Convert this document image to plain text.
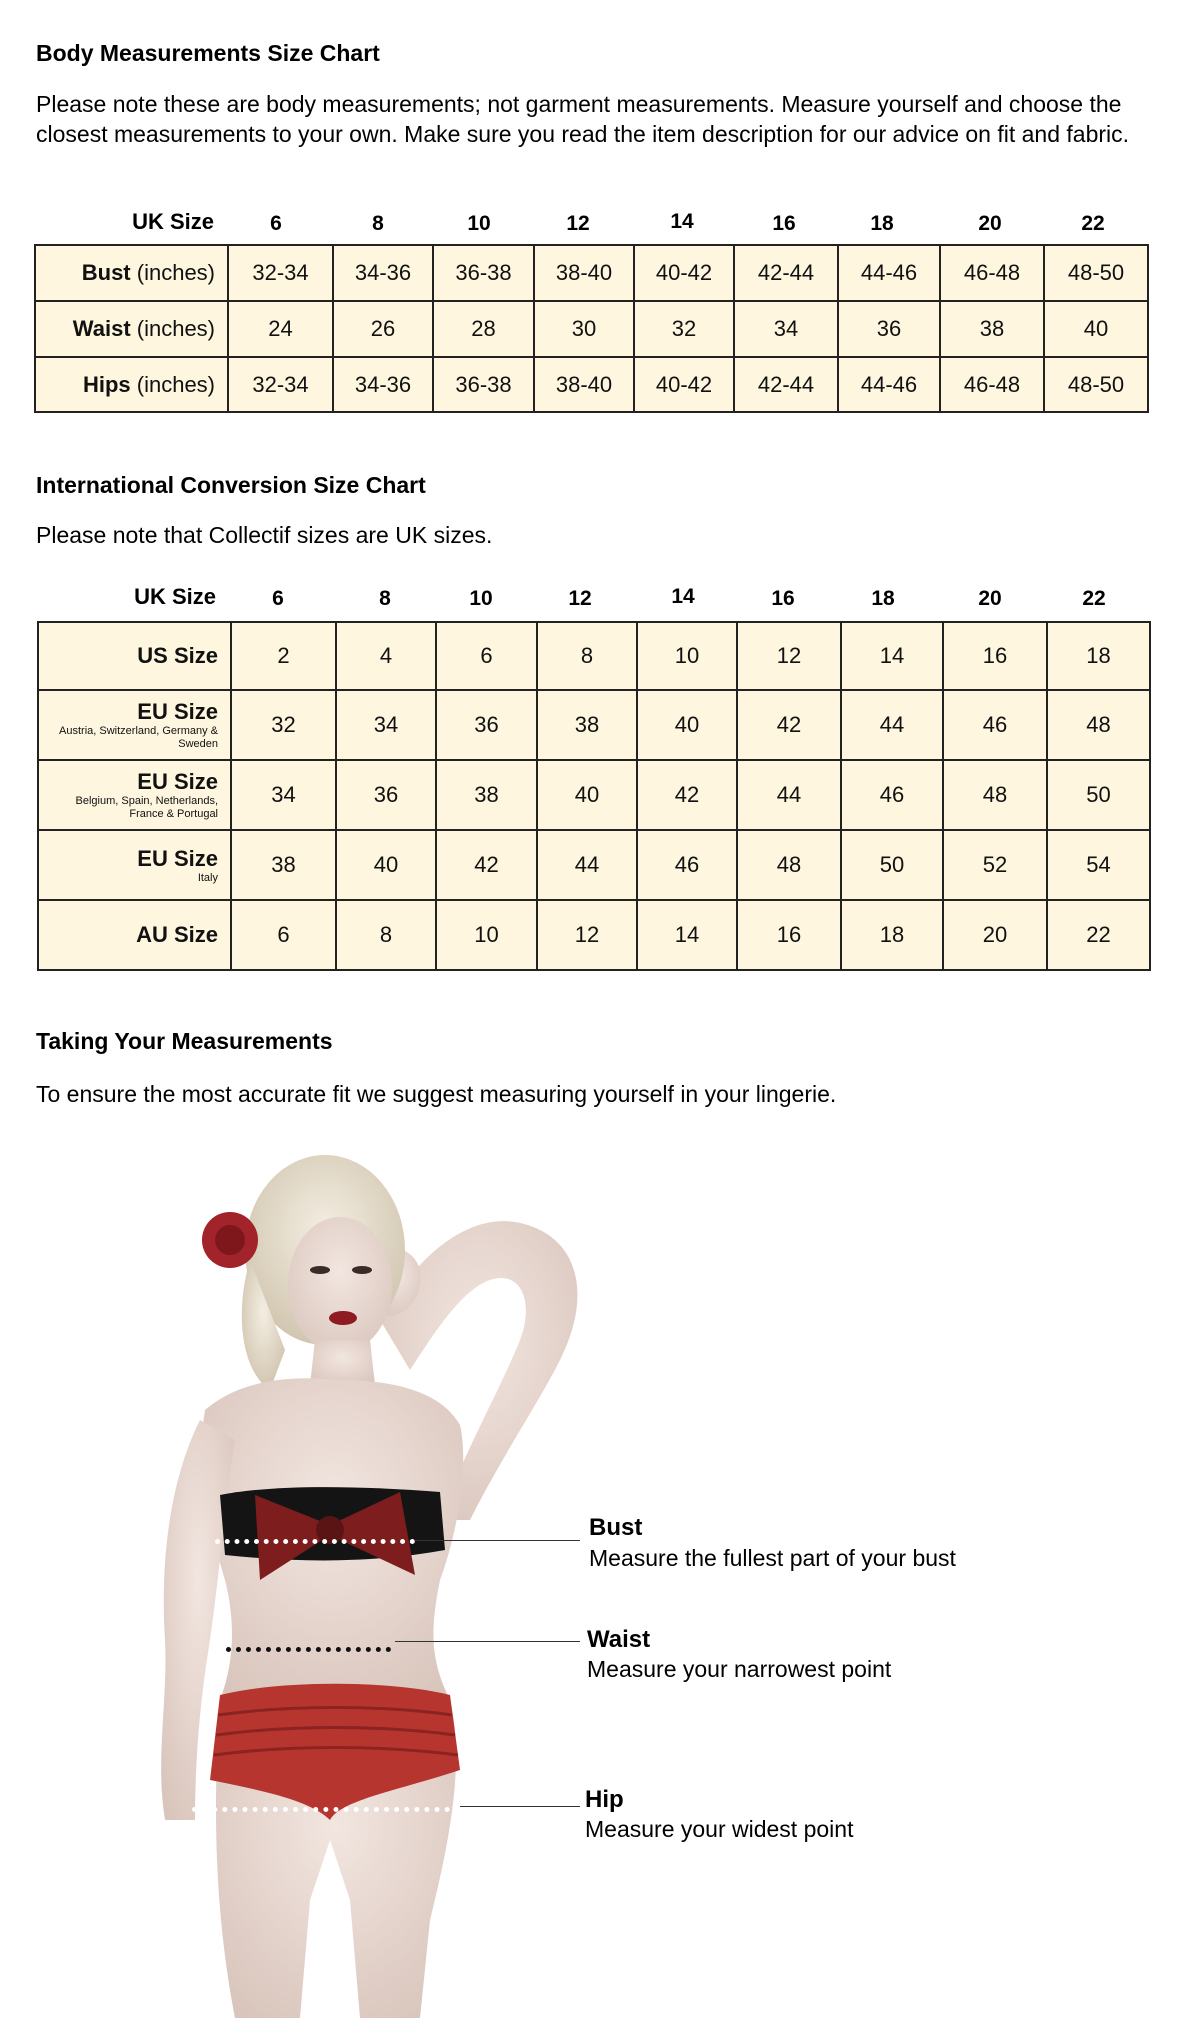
Body Measurements Size Chart
Please note these are body measurements; not garment measurements. Measure yourself and choose the closest measurements to your own. Make sure you read the item description for our advice on fit and fabric.
UK Size	6	8	10	12	14	16	18	20	22
Bust (inches)	32-34	34-36	36-38	38-40	40-42	42-44	44-46	46-48	48-50
Waist (inches)	24	26	28	30	32	34	36	38	40
Hips (inches)	32-34	34-36	36-38	38-40	40-42	42-44	44-46	46-48	48-50
International Conversion Size Chart
Please note that Collectif sizes are UK sizes.
UK Size	6	8	10	12	14	16	18	20	22
US Size	2	4	6	8	10	12	14	16	18
EU Size
Austria, Switzerland, Germany & Sweden	32	34	36	38	40	42	44	46	48
EU Size
Belgium, Spain, Netherlands, France & Portugal	34	36	38	40	42	44	46	48	50
EU Size
Italy	38	40	42	44	46	48	50	52	54
AU Size	6	8	10	12	14	16	18	20	22
Taking Your Measurements
To ensure the most accurate fit we suggest measuring yourself in your lingerie.
Bust
Measure the fullest part of your bust
Waist
Measure your narrowest point
Hip
Measure your widest point
